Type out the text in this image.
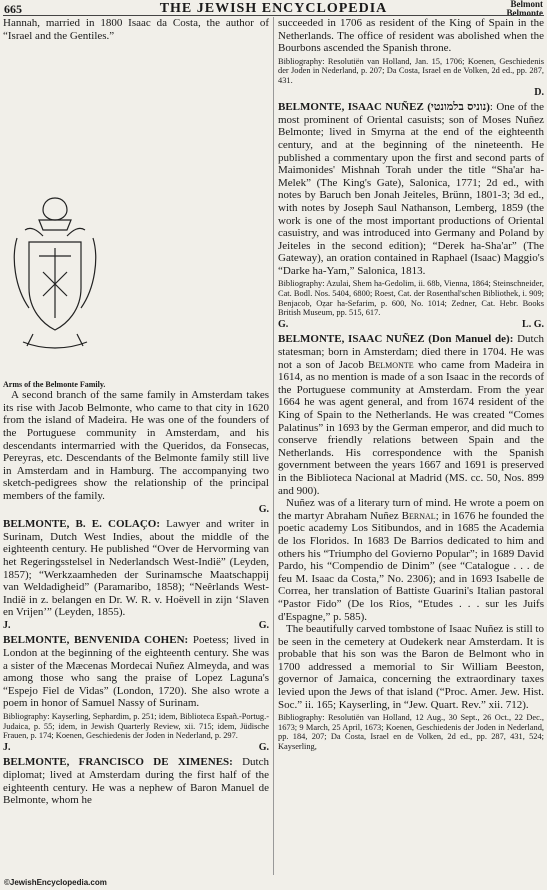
665	THE JEWISH ENCYCLOPEDIA	Belmont
Belmonte

Hannah, married in 1800 Isaac da Costa, the author of “Israel and the Gentiles.”

Arms of the Belmonte Family.

A second branch of the same family in Amsterdam takes its rise with Jacob Belmonte, who came to that city in 1620 from the island of Madeira. He was one of the founders of the Portuguese community in Amsterdam, and his descendants intermarried with the Queridos, da Fonsecas, Pereyras, etc. Descendants of the Belmonte family still live in Amsterdam and in Hamburg. The accompanying two sketch-pedigrees show the relationship of the principal members of the family.

G.

BELMONTE, B. E. COLAÇO: Lawyer and writer in Surinam, Dutch West Indies, about the middle of the eighteenth century. He published “Over de Hervorming van het Regeringsstelsel in Nederlandsch West-Indië” (Leyden, 1857); “Werkzaamheden der Surinamsche Maatschappij van Weldadigheid” (Paramaribo, 1858); “Neêrlands West-Indië in z. belangen en Dr. W. R. v. Hoëvell in zijn ‘Slaven en Vrijen’” (Leyden, 1855).

J.	G.

BELMONTE, BENVENIDA COHEN: Poetess; lived in London at the beginning of the eighteenth century. She was a sister of the Mæcenas Mordecai Nuñez Almeyda, and was among those who sang the praise of Lopez Laguna's “Espejo Fiel de Vidas” (London, 1720). She also wrote a poem in honor of Samuel Nassy of Surinam.

Bibliography: Kayserling, Sephardim, p. 251; idem, Biblioteca Españ.-Portug.-Judaica, p. 55; idem, in Jewish Quarterly Review, xii. 715; idem, Jüdische Frauen, p. 174; Koenen, Geschiedenis der Joden in Nederland, p. 297.

J.	G.

BELMONTE, FRANCISCO DE XIMENES: Dutch diplomat; lived at Amsterdam during the first half of the eighteenth century. He was a nephew of Baron Manuel de Belmonte, whom he

succeeded in 1706 as resident of the King of Spain in the Netherlands. The office of resident was abolished when the Bourbons ascended the Spanish throne.

Bibliography: Resolutiën van Holland, Jan. 15, 1706; Koenen, Geschiedenis der Joden in Nederland, p. 207; Da Costa, Israel en de Volken, 2d ed., pp. 287, 431.

D.

BELMONTE, ISAAC NUÑEZ (נוניס בלמונטי): One of the most prominent of Oriental casuists; son of Moses Nuñez Belmonte; lived in Smyrna at the end of the eighteenth century, and at the beginning of the nineteenth. He published a commentary upon the first and second parts of Maimonides' Mishnah Torah under the title “Sha'ar ha-Melek” (The King's Gate), Salonica, 1771; 2d ed., with notes by Baruch ben Jonah Jeiteles, Brünn, 1801-3; 3d ed., with notes by Joseph Saul Nathanson, Lemberg, 1859 (the work is one of the most important productions of Oriental casuistry, and was introduced into Germany and Poland by Jeiteles in the second edition); “Derek ha-Sha'ar” (The Gateway), an oration contained in Raphael (Isaac) Maggio's “Darke ha-Yam,” Salonica, 1813.

Bibliography: Azulai, Shem ha-Gedolim, ii. 68b, Vienna, 1864; Steinschneider, Cat. Bodl. Nos. 5404, 6800; Roest, Cat. der Rosenthal'schen Bibliothek, i. 909; Benjacob, Oẓar ha-Sefarim, p. 600, No. 1014; Zedner, Cat. Hebr. Books British Museum, pp. 515, 617.

G.	L. G.

BELMONTE, ISAAC NUÑEZ (Don Manuel de): Dutch statesman; born in Amsterdam; died there in 1704. He was not a son of Jacob Belmonte who came from Madeira in 1614, as no mention is made of a son Isaac in the records of the Portuguese community at Amsterdam. From the year 1664 he was agent general, and from 1674 resident of the King of Spain to the Netherlands. He was created “Comes Palatinus” in 1693 by the German emperor, and did much to conserve friendly relations between Spain and the Netherlands. His correspondence with the Spanish government between the years 1667 and 1691 is preserved in the Biblioteca Nacional at Madrid (MS. cc. 50, Nos. 899 and 900).

Nuñez was of a literary turn of mind. He wrote a poem on the martyr Abraham Nuñez Bernal; in 1676 he founded the poetic academy Los Sitibundos, and in 1685 the Academia de los Floridos. In 1683 De Barrios dedicated to him and others his “Triumpho del Govierno Popular”; in 1689 David Pardo, his “Compendio de Dinim” (see “Catalogue . . . de feu M. Isaac da Costa,” No. 2306); and in 1693 Isabelle de Correa, her translation of Battiste Guarini's Italian pastoral “Pastor Fido” (De los Rios, “Etudes . . . sur les Juifs d'Espagne,” p. 585).

The beautifully carved tombstone of Isaac Nuñez is still to be seen in the cemetery at Oudekerk near Amsterdam. It is probable that his son was the Baron de Belmont who in 1700 addressed a memorial to Sir William Beeston, governor of Jamaica, concerning the extraordinary taxes levied upon the Jews of that island (“Proc. Amer. Jew. Hist. Soc.” ii. 165; Kayserling, in “Jew. Quart. Rev.” xii. 712).

Bibliography: Resolutiën van Holland, 12 Aug., 30 Sept., 26 Oct., 22 Dec., 1673; 9 March, 25 April, 1673; Koenen, Geschiedenis der Joden in Nederland, pp. 184, 207; Da Costa, Israel en de Volken, 2d ed., pp. 287, 431, 524; Kayserling,

©JewishEncyclopedia.com
